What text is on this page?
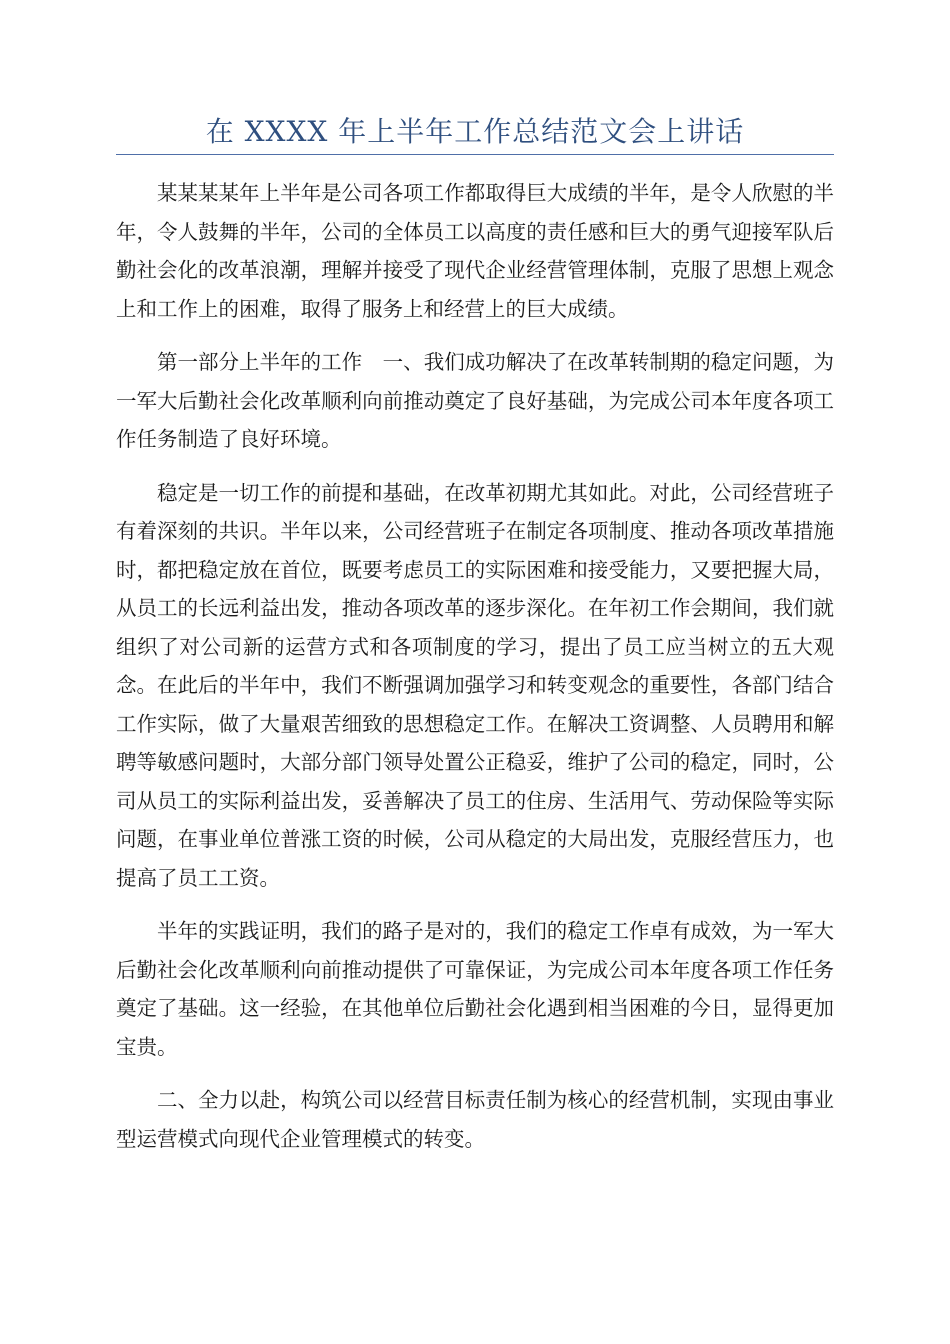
在 XXXX 年上半年工作总结范文会上讲话

某某某某年上半年是公司各项工作都取得巨大成绩的半年，是令人欣慰的半年，令人鼓舞的半年，公司的全体员工以高度的责任感和巨大的勇气迎接军队后勤社会化的改革浪潮，理解并接受了现代企业经营管理体制，克服了思想上观念上和工作上的困难，取得了服务上和经营上的巨大成绩。

第一部分上半年的工作　一、我们成功解决了在改革转制期的稳定问题，为一军大后勤社会化改革顺利向前推动奠定了良好基础，为完成公司本年度各项工作任务制造了良好环境。

稳定是一切工作的前提和基础，在改革初期尤其如此。对此，公司经营班子有着深刻的共识。半年以来，公司经营班子在制定各项制度、推动各项改革措施时，都把稳定放在首位，既要考虑员工的实际困难和接受能力，又要把握大局，从员工的长远利益出发，推动各项改革的逐步深化。在年初工作会期间，我们就组织了对公司新的运营方式和各项制度的学习，提出了员工应当树立的五大观念。在此后的半年中，我们不断强调加强学习和转变观念的重要性，各部门结合工作实际，做了大量艰苦细致的思想稳定工作。在解决工资调整、人员聘用和解聘等敏感问题时，大部分部门领导处置公正稳妥，维护了公司的稳定，同时，公司从员工的实际利益出发，妥善解决了员工的住房、生活用气、劳动保险等实际问题，在事业单位普涨工资的时候，公司从稳定的大局出发，克服经营压力，也提高了员工工资。

半年的实践证明，我们的路子是对的，我们的稳定工作卓有成效，为一军大后勤社会化改革顺利向前推动提供了可靠保证，为完成公司本年度各项工作任务奠定了基础。这一经验，在其他单位后勤社会化遇到相当困难的今日，显得更加宝贵。

二、全力以赴，构筑公司以经营目标责任制为核心的经营机制，实现由事业型运营模式向现代企业管理模式的转变。
